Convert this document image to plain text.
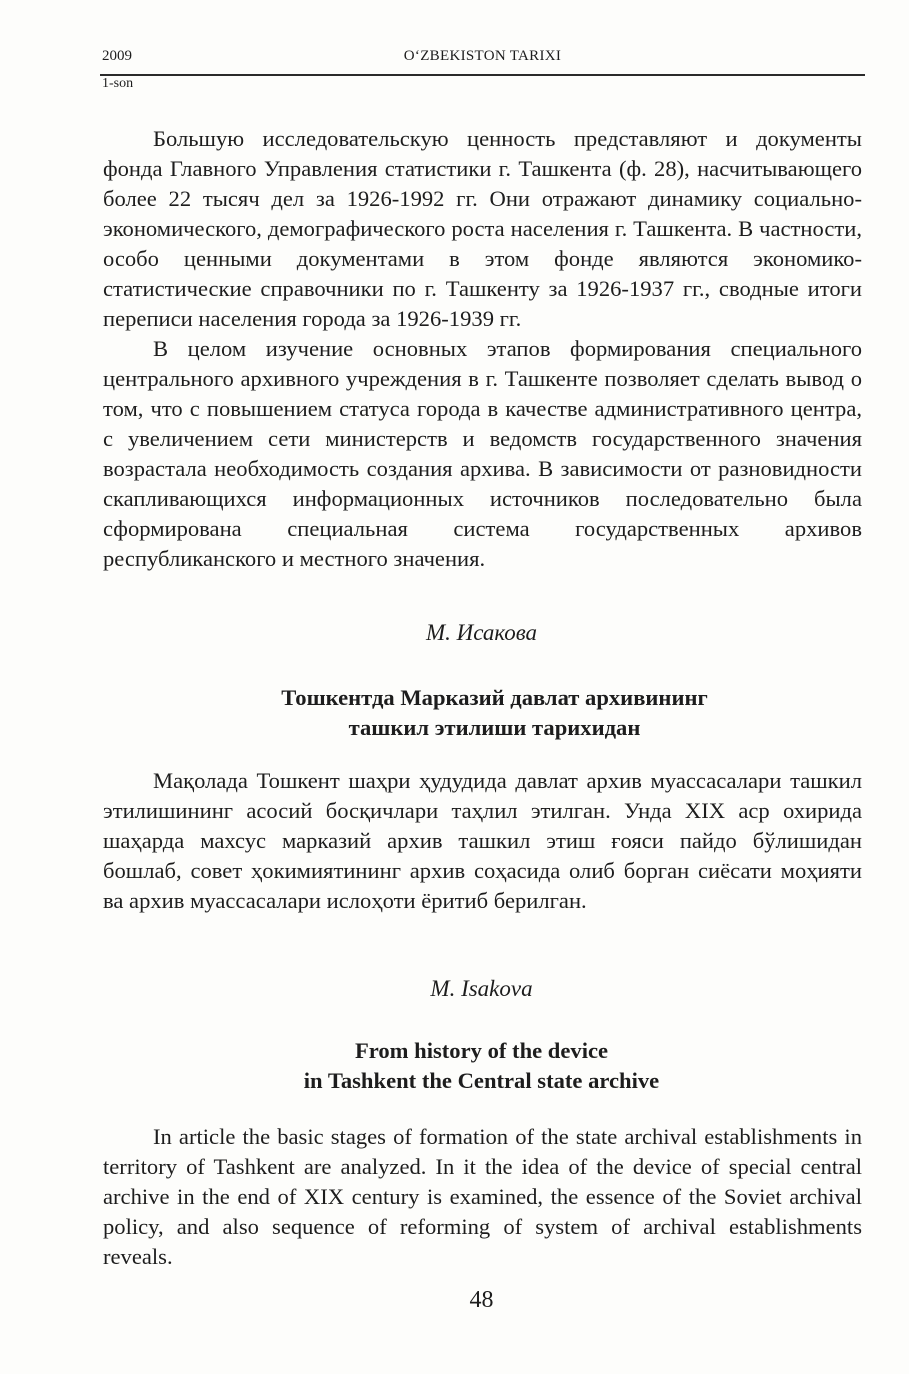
2009	O‘ZBEKISTON TARIXI
1-son

Большую исследовательскую ценность представляют и документы фонда Главного Управления статистики г. Ташкента (ф. 28), насчитывающего более 22 тысяч дел за 1926-1992 гг. Они отражают динамику социально-экономического, демографического роста населения г. Ташкента. В частности, особо ценными документами в этом фонде являются экономико-статистические справочники по г. Ташкенту за 1926-1937 гг., сводные итоги переписи населения города за 1926-1939 гг.

В целом изучение основных этапов формирования специального центрального архивного учреждения в г. Ташкенте позволяет сделать вывод о том, что с повышением статуса города в качестве административного центра, с увеличением сети министерств и ведомств государственного значения возрастала необходимость создания архива. В зависимости от разновидности скапливающихся информационных источников последовательно была сформирована специальная система государственных архивов республиканского и местного значения.

М. Исакова

Тошкентда Марказий давлат архивининг
ташкил этилиши тарихидан

Мақолада Тошкент шаҳри ҳудудида давлат архив муассасалари ташкил этилишининг асосий босқичлари таҳлил этилган. Унда XIX аср охирида шаҳарда махсус марказий архив ташкил этиш ғояси пайдо бўлишидан бошлаб, совет ҳокимиятининг архив соҳасида олиб борган сиёсати моҳияти ва архив муассасалари ислоҳоти ёритиб берилган.

M. Isakova

From history of the device
in Tashkent the Central state archive

In article the basic stages of formation of the state archival establishments in territory of Tashkent are analyzed. In it the idea of the device of special central archive in the end of XIX century is examined, the essence of the Soviet archival policy, and also sequence of reforming of system of archival establishments reveals.

48
